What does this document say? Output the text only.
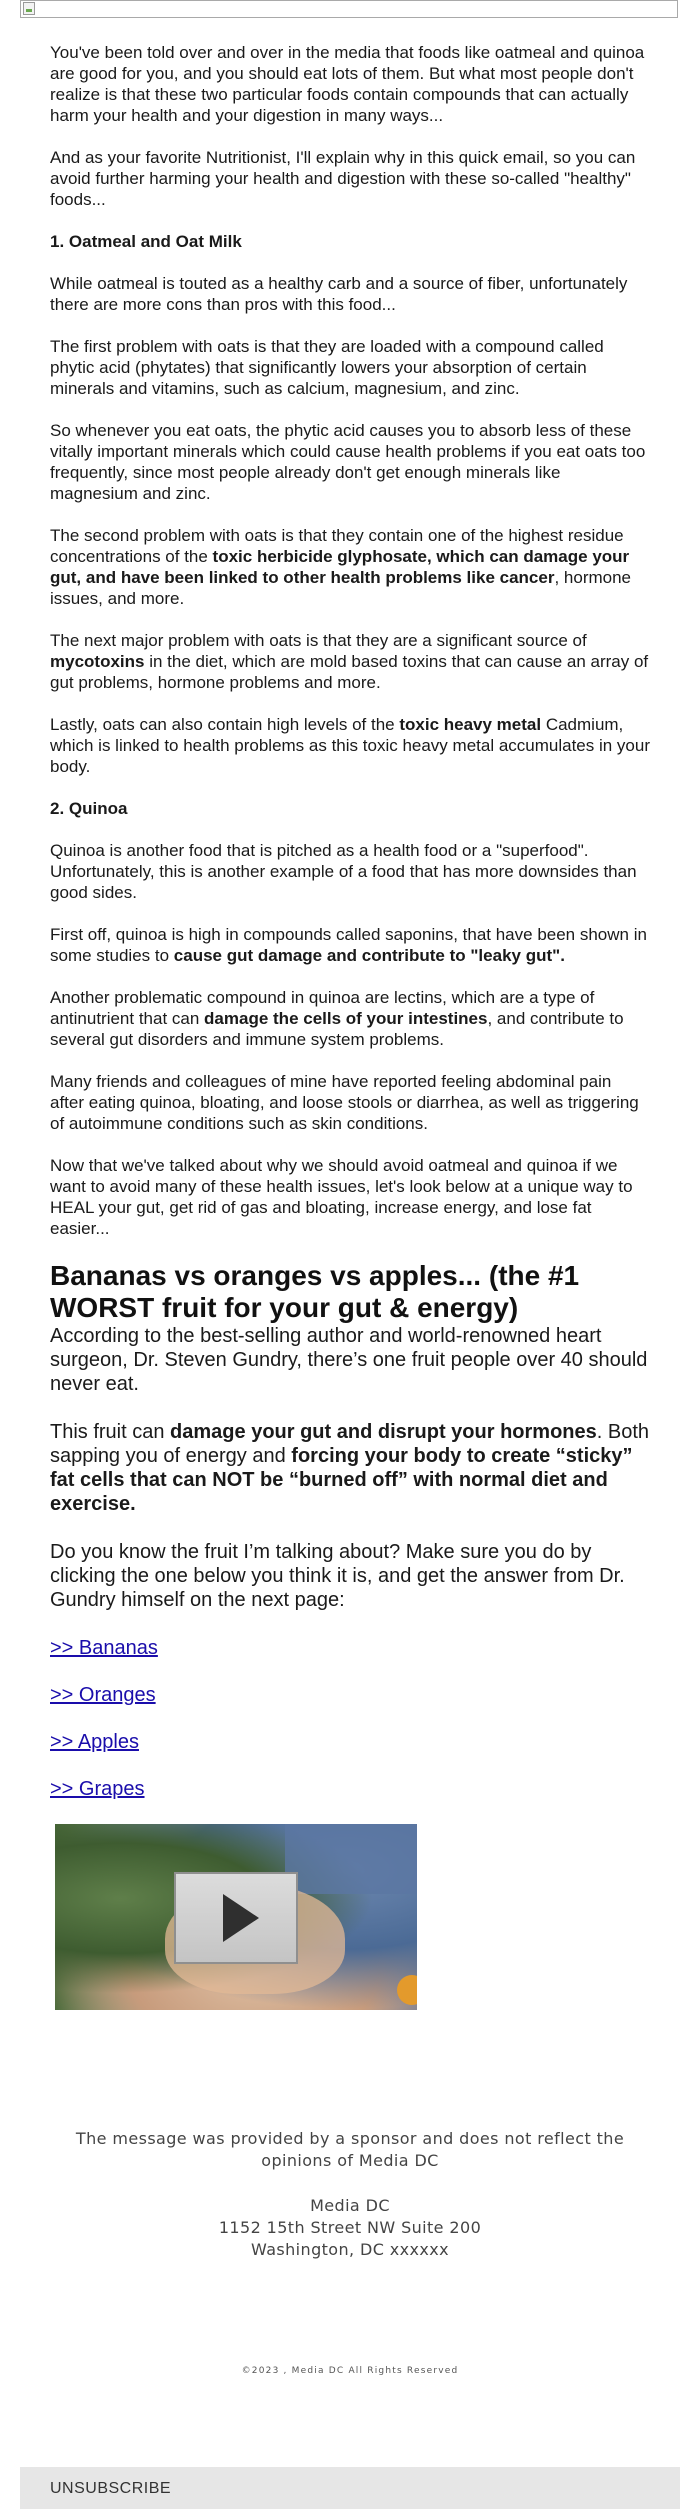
You've been told over and over in the media that foods like oatmeal and quinoa are good for you, and you should eat lots of them. But what most people don't realize is that these two particular foods contain compounds that can actually harm your health and your digestion in many ways...

And as your favorite Nutritionist, I'll explain why in this quick email, so you can avoid further harming your health and digestion with these so-called "healthy" foods...

1. Oatmeal and Oat Milk

While oatmeal is touted as a healthy carb and a source of fiber, unfortunately there are more cons than pros with this food...

The first problem with oats is that they are loaded with a compound called phytic acid (phytates) that significantly lowers your absorption of certain minerals and vitamins, such as calcium, magnesium, and zinc.

So whenever you eat oats, the phytic acid causes you to absorb less of these vitally important minerals which could cause health problems if you eat oats too frequently, since most people already don't get enough minerals like magnesium and zinc.

The second problem with oats is that they contain one of the highest residue concentrations of the toxic herbicide glyphosate, which can damage your gut, and have been linked to other health problems like cancer, hormone issues, and more.

The next major problem with oats is that they are a significant source of mycotoxins in the diet, which are mold based toxins that can cause an array of gut problems, hormone problems and more.

Lastly, oats can also contain high levels of the toxic heavy metal Cadmium, which is linked to health problems as this toxic heavy metal accumulates in your body.

2. Quinoa

Quinoa is another food that is pitched as a health food or a "superfood". Unfortunately, this is another example of a food that has more downsides than good sides.

First off, quinoa is high in compounds called saponins, that have been shown in some studies to cause gut damage and contribute to "leaky gut".

Another problematic compound in quinoa are lectins, which are a type of antinutrient that can damage the cells of your intestines, and contribute to several gut disorders and immune system problems.

Many friends and colleagues of mine have reported feeling abdominal pain after eating quinoa, bloating, and loose stools or diarrhea, as well as triggering of autoimmune conditions such as skin conditions.

Now that we've talked about why we should avoid oatmeal and quinoa if we want to avoid many of these health issues, let's look below at a unique way to HEAL your gut, get rid of gas and bloating, increase energy, and lose fat easier...

Bananas vs oranges vs apples... (the #1 WORST fruit for your gut & energy)

According to the best-selling author and world-renowned heart surgeon, Dr. Steven Gundry, there’s one fruit people over 40 should never eat.

This fruit can damage your gut and disrupt your hormones. Both sapping you of energy and forcing your body to create “sticky” fat cells that can NOT be “burned off” with normal diet and exercise.

Do you know the fruit I’m talking about? Make sure you do by clicking the one below you think it is, and get the answer from Dr. Gundry himself on the next page:

>> Bananas
>> Oranges
>> Apples
>> Grapes
The message was provided by a sponsor and does not reflect the opinions of Media DC
Media DC
1152 15th Street NW Suite 200
Washington, DC xxxxxx
©2023 , Media DC All Rights Reserved
UNSUBSCRIBE
